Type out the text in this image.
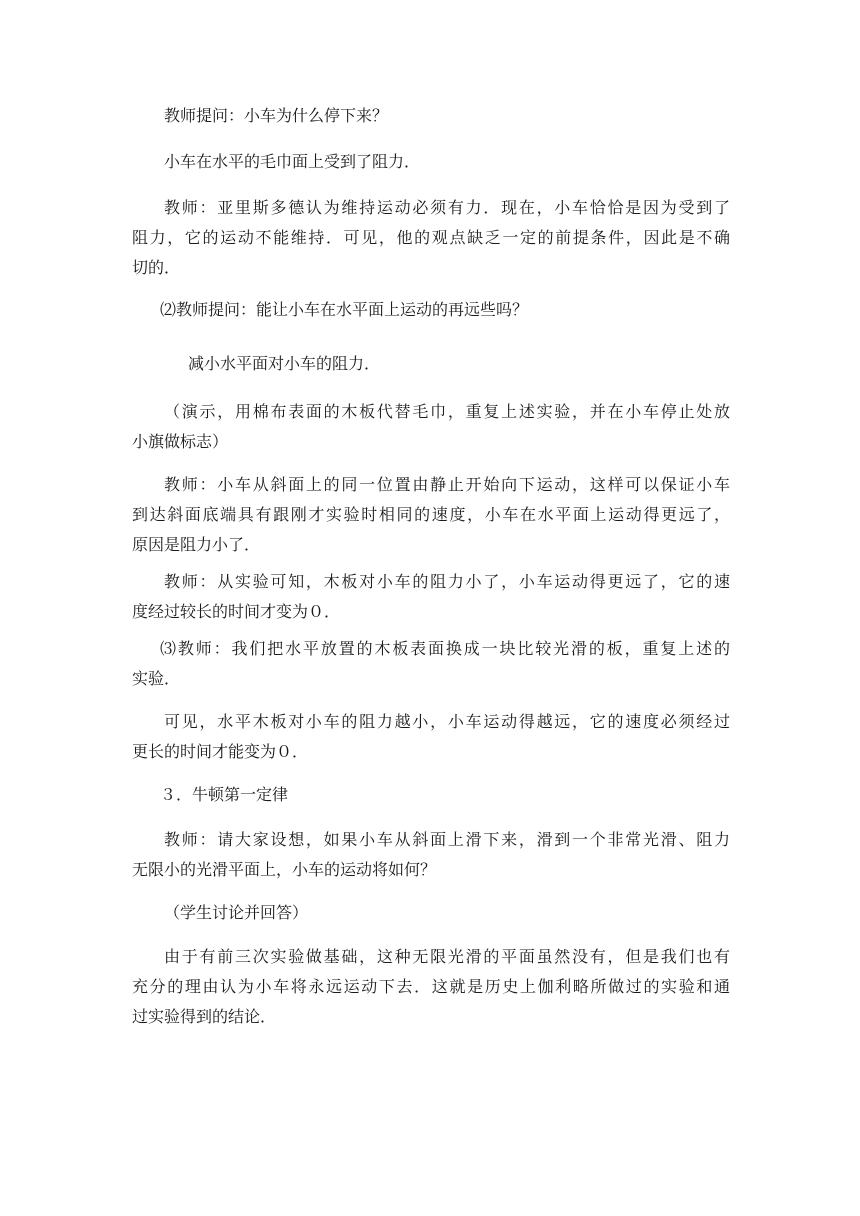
教师提问：小车为什么停下来？

小车在水平的毛巾面上受到了阻力．

教师：亚里斯多德认为维持运动必须有力．现在，小车恰恰是因为受到了
阻力，它的运动不能维持．可见，他的观点缺乏一定的前提条件，因此是不确
切的．

⑵教师提问：能让小车在水平面上运动的再远些吗？

减小水平面对小车的阻力．

（演示，用棉布表面的木板代替毛巾，重复上述实验，并在小车停止处放
小旗做标志）

教师：小车从斜面上的同一位置由静止开始向下运动，这样可以保证小车
到达斜面底端具有跟刚才实验时相同的速度，小车在水平面上运动得更远了，
原因是阻力小了．

教师：从实验可知，木板对小车的阻力小了，小车运动得更远了，它的速
度经过较长的时间才变为０．

⑶教师：我们把水平放置的木板表面换成一块比较光滑的板，重复上述的
实验．

可见，水平木板对小车的阻力越小，小车运动得越远，它的速度必须经过
更长的时间才能变为０．

３．牛顿第一定律

教师：请大家设想，如果小车从斜面上滑下来，滑到一个非常光滑、阻力
无限小的光滑平面上，小车的运动将如何？

（学生讨论并回答）

由于有前三次实验做基础，这种无限光滑的平面虽然没有，但是我们也有
充分的理由认为小车将永远运动下去．这就是历史上伽利略所做过的实验和通
过实验得到的结论．
